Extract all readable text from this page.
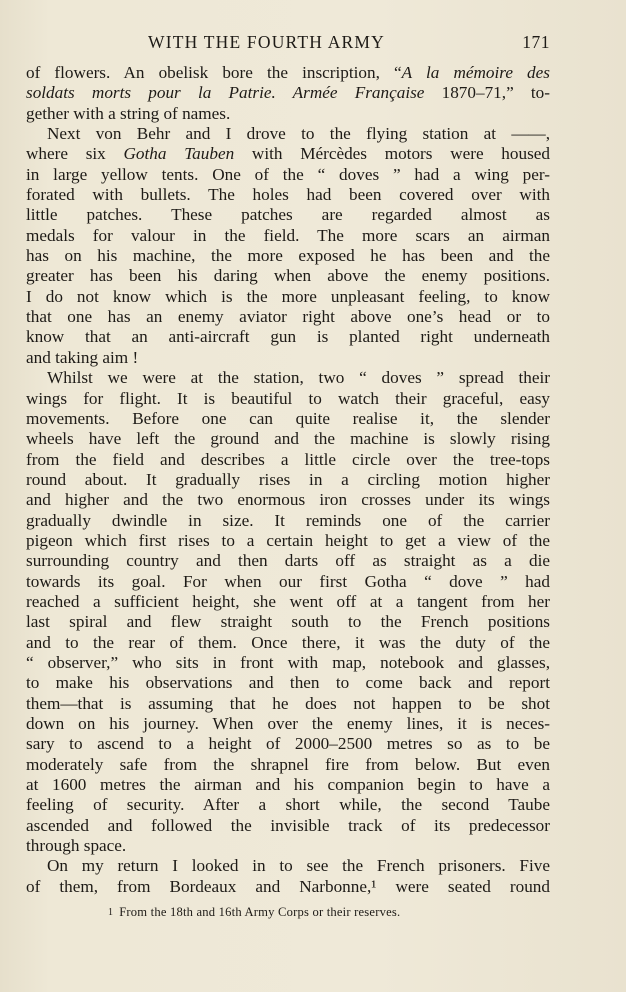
WITH THE FOURTH ARMY	171
of flowers. An obelisk bore the inscription, “A la mémoire des
soldats morts pour la Patrie. Armée Française 1870–71,” to-
gether with a string of names.
Next von Behr and I drove to the flying station at ——,
where six Gotha Tauben with Mércèdes motors were housed
in large yellow tents. One of the “ doves ” had a wing per-
forated with bullets. The holes had been covered over with
little patches. These patches are regarded almost as
medals for valour in the field. The more scars an airman
has on his machine, the more exposed he has been and the
greater has been his daring when above the enemy positions.
I do not know which is the more unpleasant feeling, to know
that one has an enemy aviator right above one’s head or to
know that an anti-aircraft gun is planted right underneath
and taking aim !
Whilst we were at the station, two “ doves ” spread their
wings for flight. It is beautiful to watch their graceful, easy
movements. Before one can quite realise it, the slender
wheels have left the ground and the machine is slowly rising
from the field and describes a little circle over the tree-tops
round about. It gradually rises in a circling motion higher
and higher and the two enormous iron crosses under its wings
gradually dwindle in size. It reminds one of the carrier
pigeon which first rises to a certain height to get a view of the
surrounding country and then darts off as straight as a die
towards its goal. For when our first Gotha “ dove ” had
reached a sufficient height, she went off at a tangent from her
last spiral and flew straight south to the French positions
and to the rear of them. Once there, it was the duty of the
“ observer,” who sits in front with map, notebook and glasses,
to make his observations and then to come back and report
them—that is assuming that he does not happen to be shot
down on his journey. When over the enemy lines, it is neces-
sary to ascend to a height of 2000–2500 metres so as to be
moderately safe from the shrapnel fire from below. But even
at 1600 metres the airman and his companion begin to have a
feeling of security. After a short while, the second Taube
ascended and followed the invisible track of its predecessor
through space.
On my return I looked in to see the French prisoners. Five
of them, from Bordeaux and Narbonne,¹ were seated round
1 From the 18th and 16th Army Corps or their reserves.
